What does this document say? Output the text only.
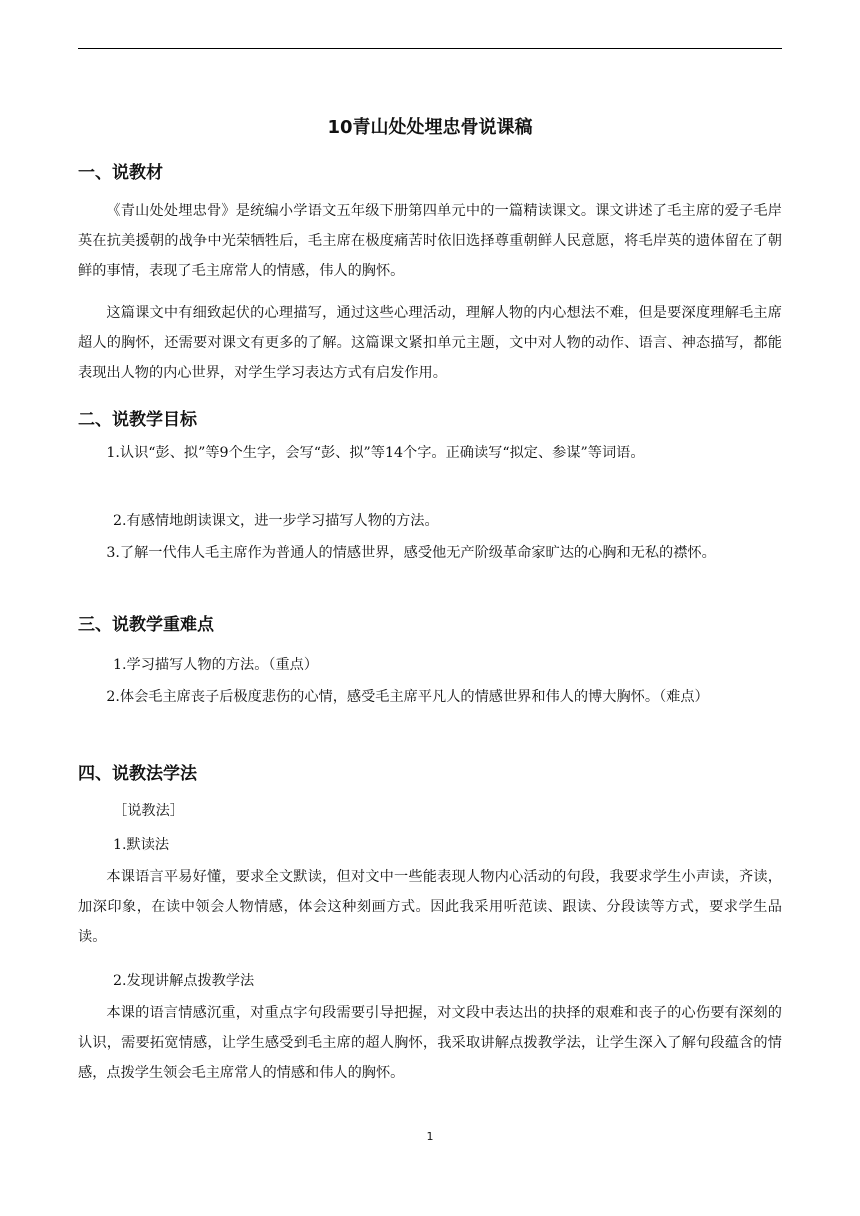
10青山处处埋忠骨说课稿
一、说教材

《青山处处埋忠骨》是统编小学语文五年级下册第四单元中的一篇精读课文。课文讲述了毛主席的爱子毛岸英在抗美援朝的战争中光荣牺牲后，毛主席在极度痛苦时依旧选择尊重朝鲜人民意愿，将毛岸英的遗体留在了朝鲜的事情，表现了毛主席常人的情感，伟人的胸怀。

这篇课文中有细致起伏的心理描写，通过这些心理活动，理解人物的内心想法不难，但是要深度理解毛主席超人的胸怀，还需要对课文有更多的了解。这篇课文紧扣单元主题，文中对人物的动作、语言、神态描写，都能表现出人物的内心世界，对学生学习表达方式有启发作用。

二、说教学目标

1.认识“彭、拟”等9个生字，会写“彭、拟”等14个字。正确读写“拟定、参谋”等词语。

2.有感情地朗读课文，进一步学习描写人物的方法。

3.了解一代伟人毛主席作为普通人的情感世界，感受他无产阶级革命家旷达的心胸和无私的襟怀。

三、说教学重难点

1.学习描写人物的方法。（重点）

2.体会毛主席丧子后极度悲伤的心情，感受毛主席平凡人的情感世界和伟人的博大胸怀。（难点）

四、说教法学法

［说教法］

1.默读法

本课语言平易好懂，要求全文默读，但对文中一些能表现人物内心活动的句段，我要求学生小声读，齐读，加深印象，在读中领会人物情感，体会这种刻画方式。因此我采用听范读、跟读、分段读等方式，要求学生品读。

2.发现讲解点拨教学法

本课的语言情感沉重，对重点字句段需要引导把握，对文段中表达出的抉择的艰难和丧子的心伤要有深刻的认识，需要拓宽情感，让学生感受到毛主席的超人胸怀，我采取讲解点拨教学法，让学生深入了解句段蕴含的情感，点拨学生领会毛主席常人的情感和伟人的胸怀。

1
